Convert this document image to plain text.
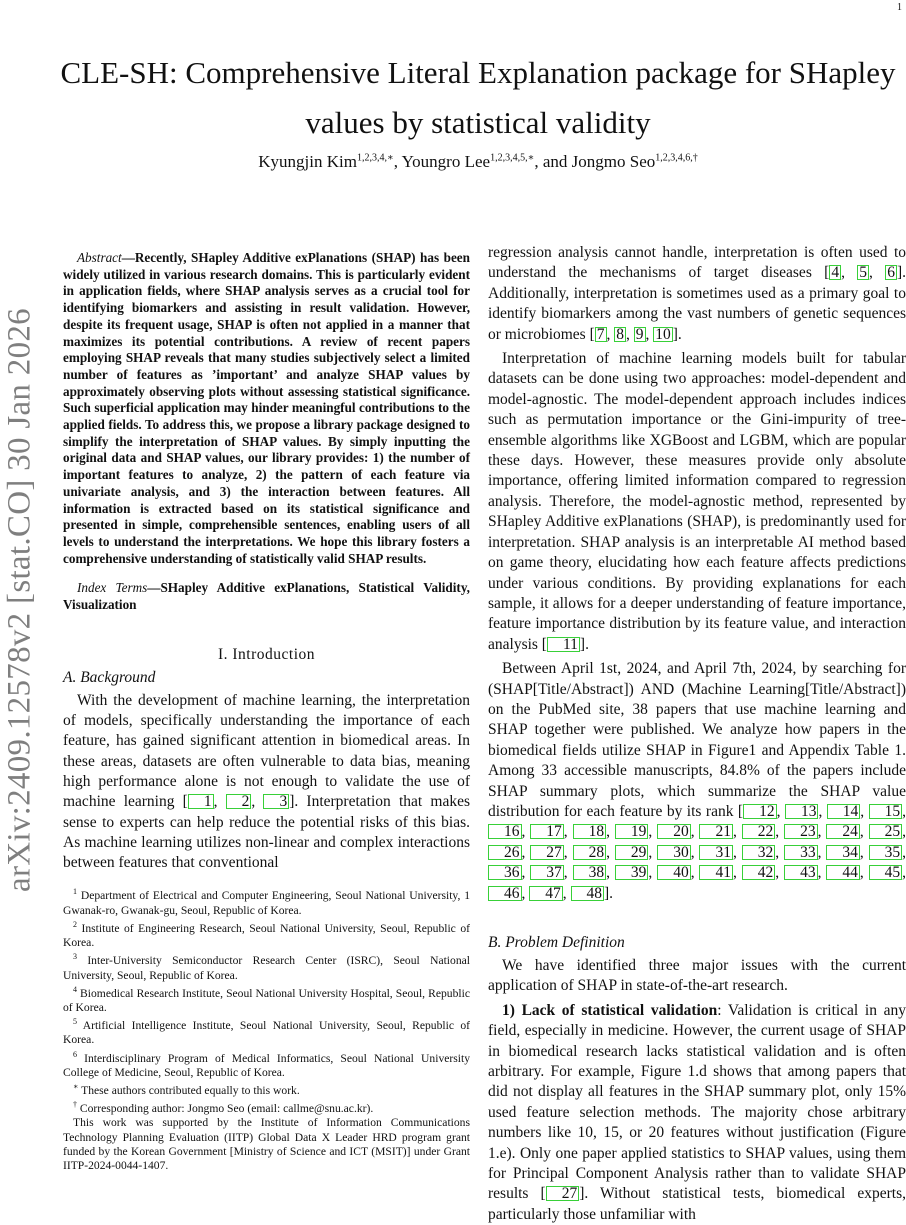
1
arXiv:2409.12578v2 [stat.CO] 30 Jan 2026
CLE-SH: Comprehensive Literal Explanation package for SHapley values by statistical validity
Kyungjin Kim$^{1,2,3,4,∗}$, Youngro Lee$^{1,2,3,4,5,∗}$, and Jongmo Seo$^{1,2,3,4,6,\dagger}$

Abstract—Recently, SHapley Additive exPlanations (SHAP) has been widely utilized in various research domains. This is particularly evident in application fields, where SHAP analysis serves as a crucial tool for identifying biomarkers and assisting in result validation. However, despite its frequent usage, SHAP is often not applied in a manner that maximizes its potential contributions. A review of recent papers employing SHAP reveals that many studies subjectively select a limited number of features as ’important’ and analyze SHAP values by approximately observing plots without assessing statistical significance. Such superficial application may hinder meaningful contributions to the applied fields. To address this, we propose a library package designed to simplify the interpretation of SHAP values. By simply inputting the original data and SHAP values, our library provides: 1) the number of important features to analyze, 2) the pattern of each feature via univariate analysis, and 3) the interaction between features. All information is extracted based on its statistical significance and presented in simple, comprehensible sentences, enabling users of all levels to understand the interpretations. We hope this library fosters a comprehensive understanding of statistically valid SHAP results.

Index Terms—SHapley Additive exPlanations, Statistical Validity, Visualization

I. Introduction
A. Background

With the development of machine learning, the interpretation of models, specifically understanding the importance of each feature, has gained significant attention in biomedical areas. In these areas, datasets are often vulnerable to data bias, meaning high performance alone is not enough to validate the use of machine learning [ 1 , 2 , 3 ]. Interpretation that makes sense to experts can help reduce the potential risks of this bias. As machine learning utilizes non-linear and complex interactions between features that conventional

$^1$ Department of Electrical and Computer Engineering, Seoul National University, 1 Gwanak-ro, Gwanak-gu, Seoul, Republic of Korea.

$^2$ Institute of Engineering Research, Seoul National University, Seoul, Republic of Korea.

$^3$ Inter-University Semiconductor Research Center (ISRC), Seoul National University, Seoul, Republic of Korea.

$^4$ Biomedical Research Institute, Seoul National University Hospital, Seoul, Republic of Korea.

$^5$ Artificial Intelligence Institute, Seoul National University, Seoul, Republic of Korea.

$^6$ Interdisciplinary Program of Medical Informatics, Seoul National University College of Medicine, Seoul, Republic of Korea.

∗ These authors contributed equally to this work.

† Corresponding author: Jongmo Seo (email: callme@snu.ac.kr).

This work was supported by the Institute of Information Communications Technology Planning Evaluation (IITP) Global Data X Leader HRD program grant funded by the Korean Government [Ministry of Science and ICT (MSIT)] under Grant IITP-2024-0044-1407.

regression analysis cannot handle, interpretation is often used to understand the mechanisms of target diseases [ 4 , 5 , 6 ]. Additionally, interpretation is sometimes used as a primary goal to identify biomarkers among the vast numbers of genetic sequences or microbiomes [ 7 , 8 , 9 , 10 ].

Interpretation of machine learning models built for tabular datasets can be done using two approaches: model-dependent and model-agnostic. The model-dependent approach includes indices such as permutation importance or the Gini-impurity of tree-ensemble algorithms like XGBoost and LGBM, which are popular these days. However, these measures provide only absolute importance, offering limited information compared to regression analysis. Therefore, the model-agnostic method, represented by SHapley Additive exPlanations (SHAP), is predominantly used for interpretation. SHAP analysis is an interpretable AI method based on game theory, elucidating how each feature affects predictions under various conditions. By providing explanations for each sample, it allows for a deeper understanding of feature importance, feature importance distribution by its feature value, and interaction analysis [ 11 ].

Between April 1st, 2024, and April 7th, 2024, by searching for (SHAP[Title/Abstract]) AND (Machine Learning[Title/Abstract]) on the PubMed site, 38 papers that use machine learning and SHAP together were published. We analyze how papers in the biomedical fields utilize SHAP in Figure1 and Appendix Table 1. Among 33 accessible manuscripts, 84.8% of the papers include SHAP summary plots, which summarize the SHAP value distribution for each feature by its rank [ 12 , 13 , 14 , 15 , 16 , 17 , 18 , 19 , 20 , 21 , 22 , 23 , 24 , 25 , 26 , 27 , 28 , 29 , 30 , 31 , 32 , 33 , 34 , 35 , 36 , 37 , 38 , 39 , 40 , 41 , 42 , 43 , 44 , 45 , 46 , 47 , 48 ].

B. Problem Definition

We have identified three major issues with the current application of SHAP in state-of-the-art research.

1) Lack of statistical validation: Validation is critical in any field, especially in medicine. However, the current usage of SHAP in biomedical research lacks statistical validation and is often arbitrary. For example, Figure 1.d shows that among papers that did not display all features in the SHAP summary plot, only 15% used feature selection methods. The majority chose arbitrary numbers like 10, 15, or 20 features without justification (Figure 1.e). Only one paper applied statistics to SHAP values, using them for Principal Component Analysis rather than to validate SHAP results [ 27 ]. Without statistical tests, biomedical experts, particularly those unfamiliar with
